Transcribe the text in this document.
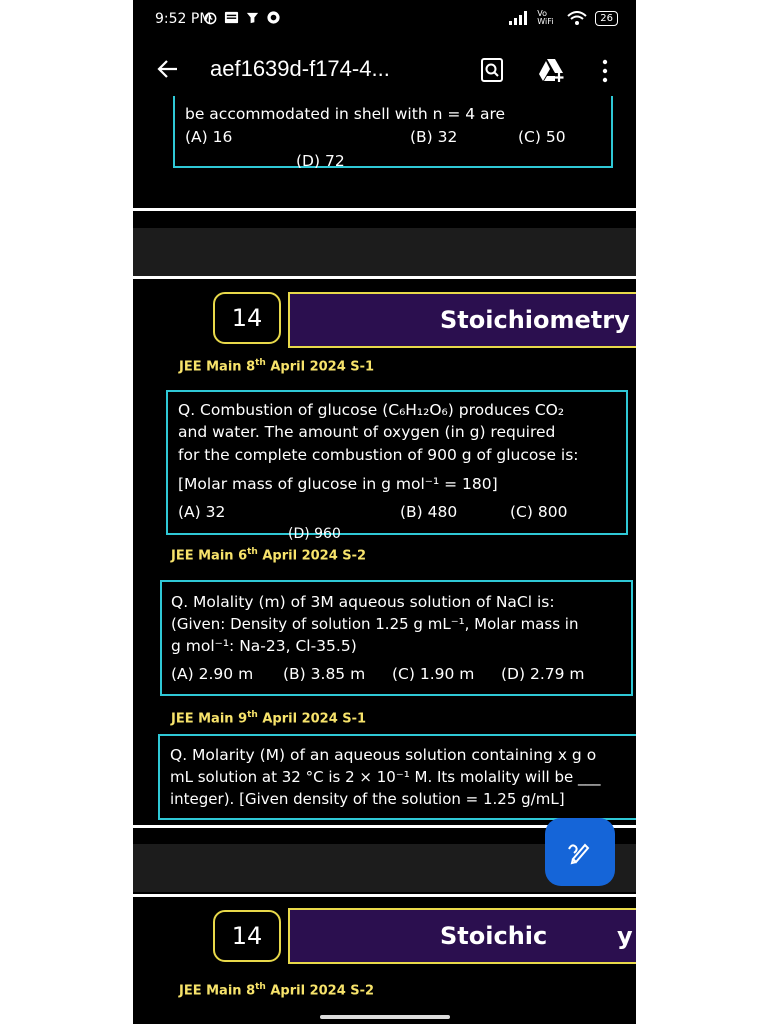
9:52 PM	Vo WiFi	26
aef1639d-f174-4...
be accommodated in shell with n = 4 are
(A) 16	(B) 32	(C) 50
(D) 72
14	Stoichiometry
JEE Main 8th April 2024 S-1
Q. Combustion of glucose (C₆H₁₂O₆) produces CO₂
and water. The amount of oxygen (in g) required
for the complete combustion of 900 g of glucose is:
[Molar mass of glucose in g mol⁻¹ = 180]
(A) 32	(B) 480	(C) 800
(D) 960
JEE Main 6th April 2024 S-2
Q. Molality (m) of 3M aqueous solution of NaCl is:
(Given: Density of solution 1.25 g mL⁻¹, Molar mass in
g mol⁻¹: Na-23, Cl-35.5)
(A) 2.90 m (B) 3.85 m (C) 1.90 m (D) 2.79 m
JEE Main 9th April 2024 S-1
Q. Molarity (M) of an aqueous solution containing x g o
mL solution at 32 °C is 2 × 10⁻¹ M. Its molality will be ___
integer). [Given density of the solution = 1.25 g/mL]
14	Stoichic	y
JEE Main 8th April 2024 S-2
